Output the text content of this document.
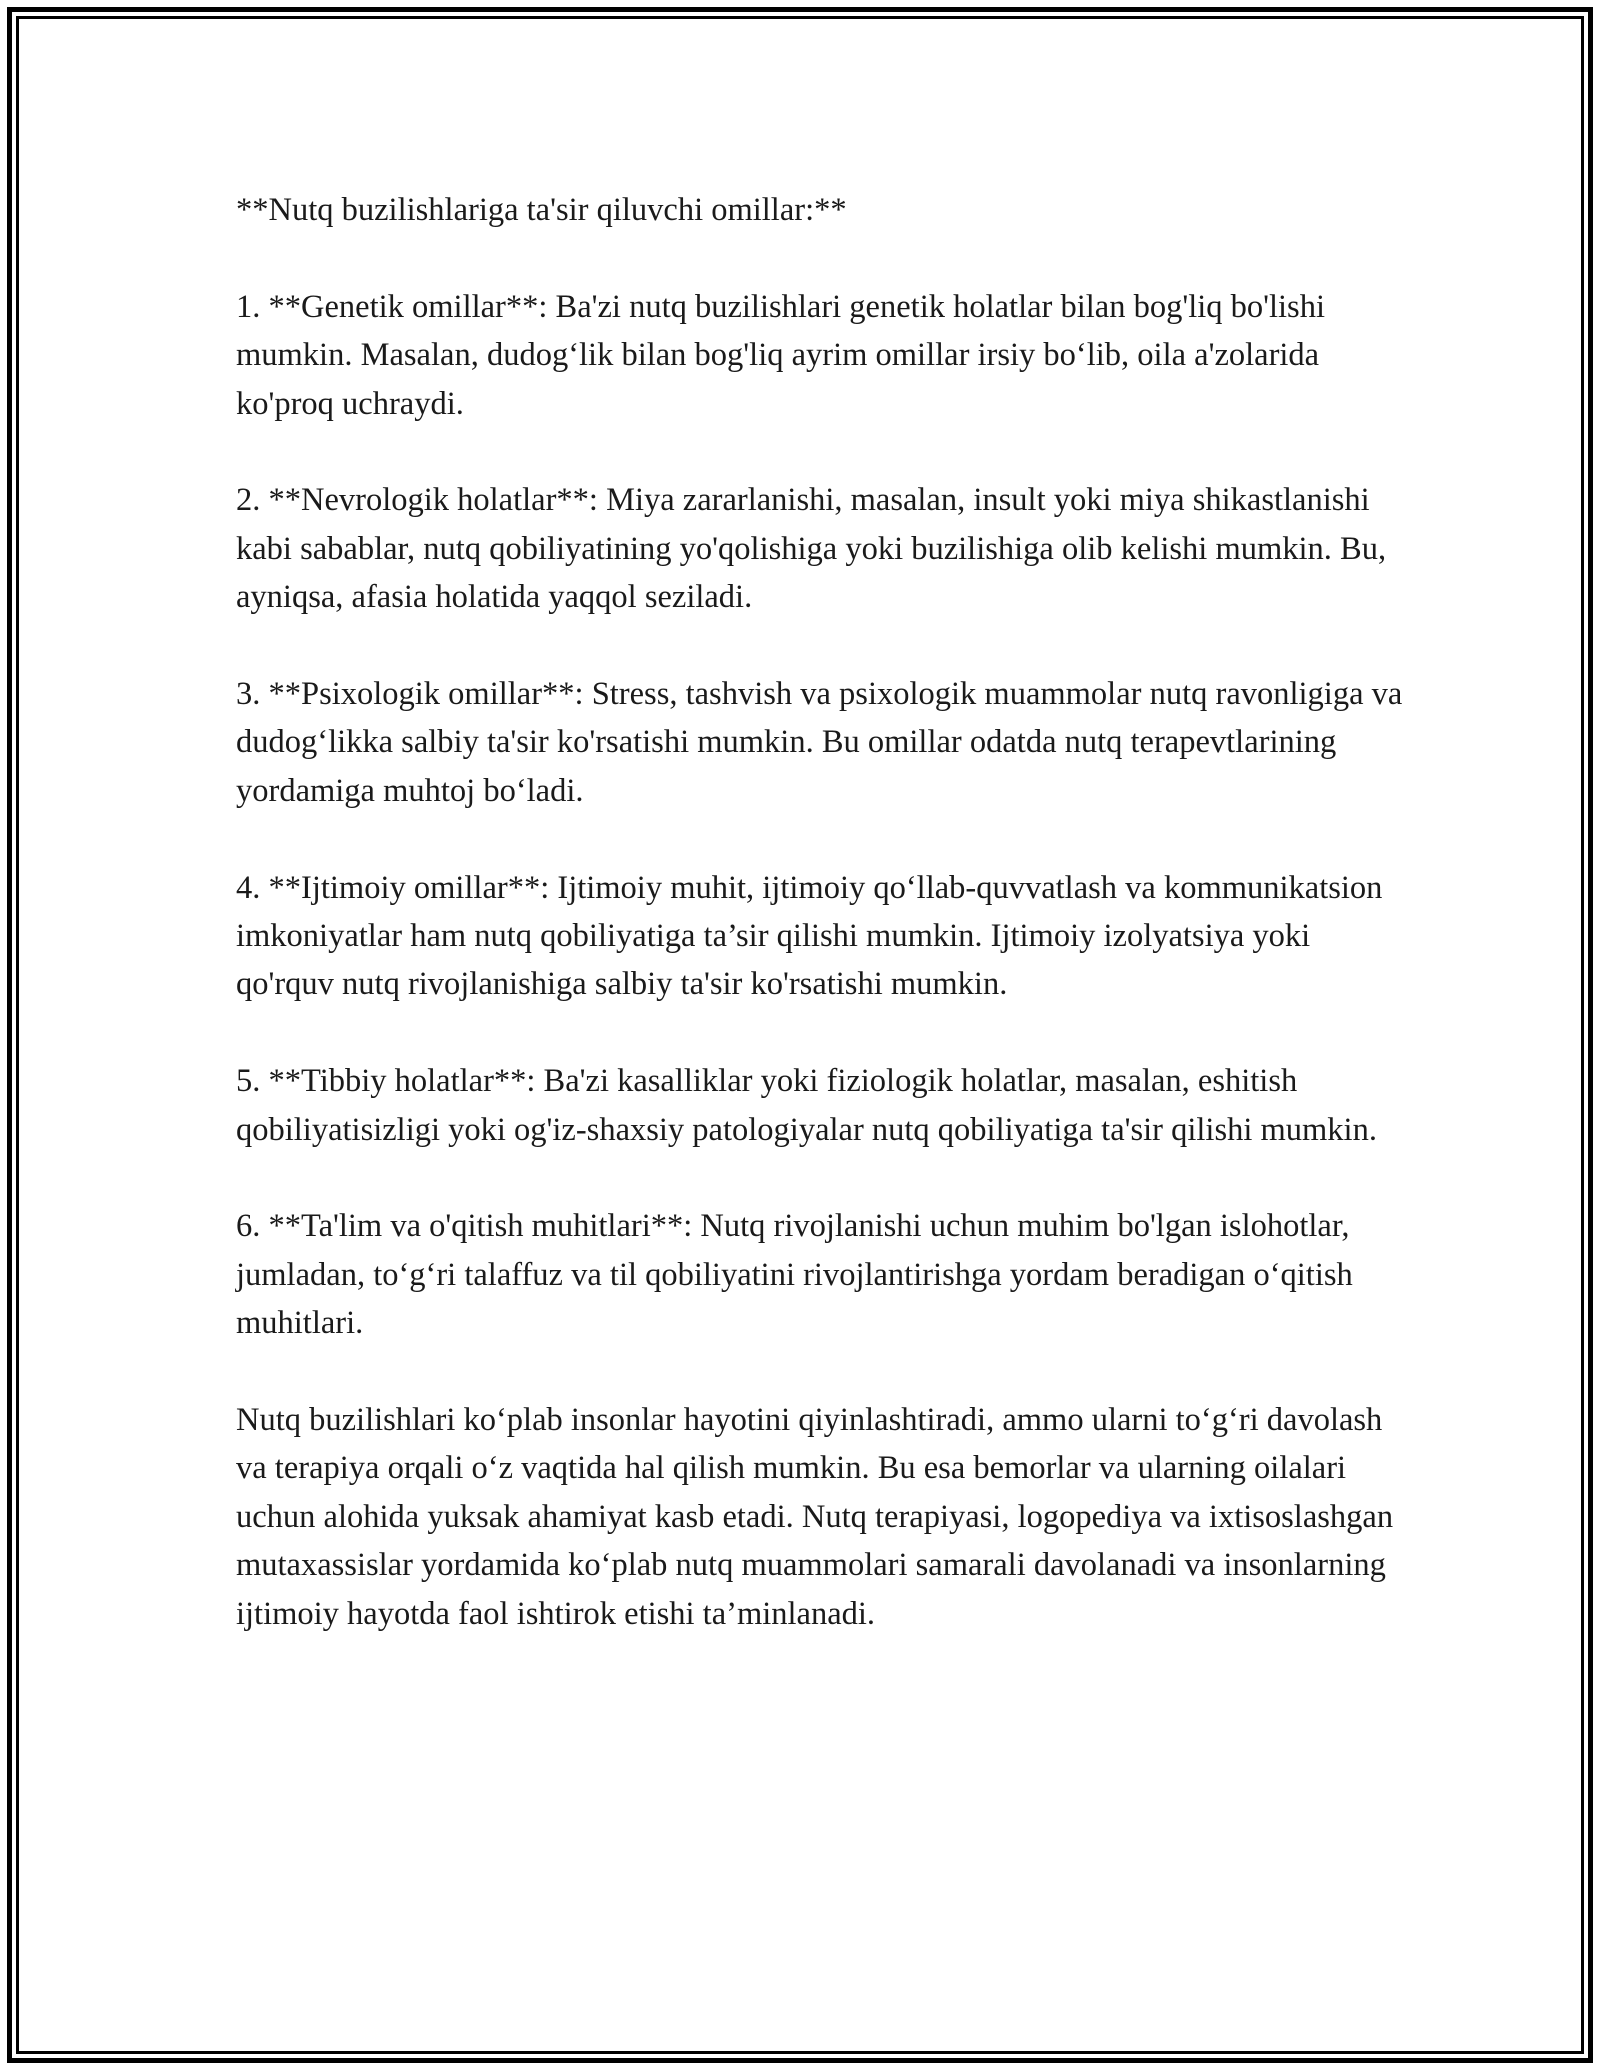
**Nutq buzilishlariga ta'sir qiluvchi omillar:**

1. **Genetik omillar**: Ba'zi nutq buzilishlari genetik holatlar bilan bog'liq bo'lishi mumkin. Masalan, dudog‘lik bilan bog'liq ayrim omillar irsiy bo‘lib, oila a'zolarida ko'proq uchraydi.

2. **Nevrologik holatlar**: Miya zararlanishi, masalan, insult yoki miya shikastlanishi kabi sabablar, nutq qobiliyatining yo'qolishiga yoki buzilishiga olib kelishi mumkin. Bu, ayniqsa, afasia holatida yaqqol seziladi.

3. **Psixologik omillar**: Stress, tashvish va psixologik muammolar nutq ravonligiga va dudog‘likka salbiy ta'sir ko'rsatishi mumkin. Bu omillar odatda nutq terapevtlarining yordamiga muhtoj bo‘ladi.

4. **Ijtimoiy omillar**: Ijtimoiy muhit, ijtimoiy qo‘llab-quvvatlash va kommunikatsion imkoniyatlar ham nutq qobiliyatiga ta’sir qilishi mumkin. Ijtimoiy izolyatsiya yoki qo'rquv nutq rivojlanishiga salbiy ta'sir ko'rsatishi mumkin.

5. **Tibbiy holatlar**: Ba'zi kasalliklar yoki fiziologik holatlar, masalan, eshitish qobiliyatisizligi yoki og'iz-shaxsiy patologiyalar nutq qobiliyatiga ta'sir qilishi mumkin.

6. **Ta'lim va o'qitish muhitlari**: Nutq rivojlanishi uchun muhim bo'lgan islohotlar, jumladan, to‘g‘ri talaffuz va til qobiliyatini rivojlantirishga yordam beradigan o‘qitish muhitlari.

Nutq buzilishlari ko‘plab insonlar hayotini qiyinlashtiradi, ammo ularni to‘g‘ri davolash va terapiya orqali o‘z vaqtida hal qilish mumkin. Bu esa bemorlar va ularning oilalari uchun alohida yuksak ahamiyat kasb etadi. Nutq terapiyasi, logopediya va ixtisoslashgan mutaxassislar yordamida ko‘plab nutq muammolari samarali davolanadi va insonlarning ijtimoiy hayotda faol ishtirok etishi ta’minlanadi.
